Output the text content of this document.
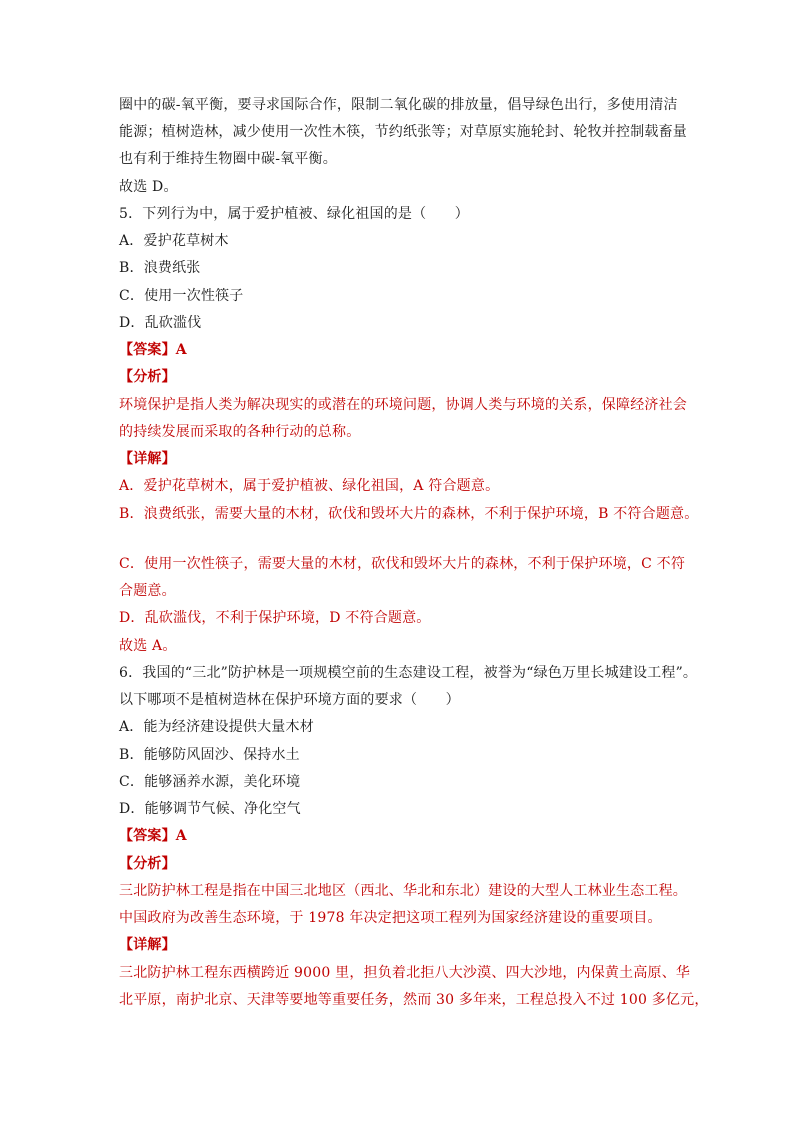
圈中的碳-氧平衡，要寻求国际合作，限制二氧化碳的排放量，倡导绿色出行，多使用清洁
能源；植树造林，减少使用一次性木筷，节约纸张等；对草原实施轮封、轮牧并控制载畜量
也有利于维持生物圈中碳-氧平衡。
故选 D。
5．下列行为中，属于爱护植被、绿化祖国的是（　　）
A．爱护花草树木
B．浪费纸张
C．使用一次性筷子
D．乱砍滥伐
【答案】A
【分析】
环境保护是指人类为解决现实的或潜在的环境问题，协调人类与环境的关系，保障经济社会
的持续发展而采取的各种行动的总称。
【详解】
A．爱护花草树木，属于爱护植被、绿化祖国，A 符合题意。
B．浪费纸张，需要大量的木材，砍伐和毁坏大片的森林，不利于保护环境，B 不符合题意。
C．使用一次性筷子，需要大量的木材，砍伐和毁坏大片的森林，不利于保护环境，C 不符
合题意。
D．乱砍滥伐，不利于保护环境，D 不符合题意。
故选 A。
6．我国的“三北”防护林是一项规模空前的生态建设工程，被誉为“绿色万里长城建设工程”。
以下哪项不是植树造林在保护环境方面的要求（　　）
A．能为经济建设提供大量木材
B．能够防风固沙、保持水土
C．能够涵养水源，美化环境
D．能够调节气候、净化空气
【答案】A
【分析】
三北防护林工程是指在中国三北地区（西北、华北和东北）建设的大型人工林业生态工程。
中国政府为改善生态环境，于 1978 年决定把这项工程列为国家经济建设的重要项目。
【详解】
三北防护林工程东西横跨近 9000 里，担负着北拒八大沙漠、四大沙地，内保黄土高原、华
北平原，南护北京、天津等要地等重要任务，然而 30 多年来，工程总投入不过 100 多亿元，
